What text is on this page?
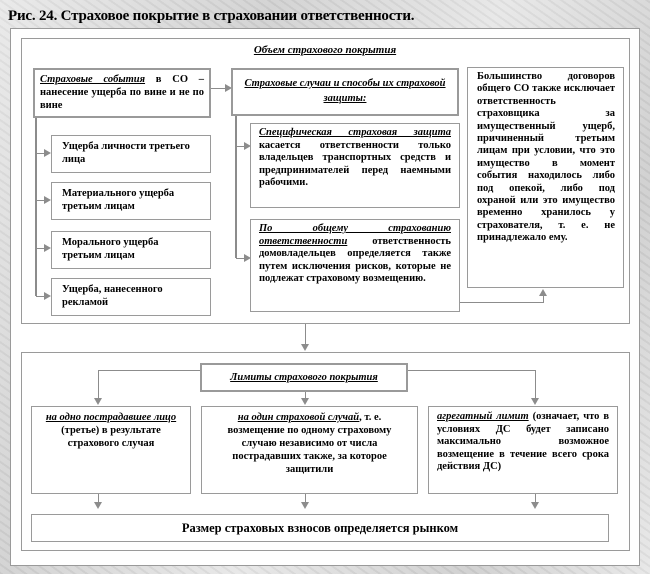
Рис. 24. Страховое покрытие в страховании ответственности.
Объем страхового покрытия
Страховые события в СО – нанесение ущерба по вине и не по вине
Ущерба личности третьего лица
Материального ущерба третьим лицам
Морального ущерба третьим лицам
Ущерба, нанесенного рекламой
Страховые случаи и способы их страховой защиты:
Специфическая страховая защита касается ответственности только владельцев транспортных средств и предпринимателей перед наемными рабочими.
По общему страхованию ответственности ответственность домовладельцев определяется также путем исключения рисков, которые не подлежат страховому возмещению.
Большинство договоров общего СО также исключает ответственность страховщика за имущественный ущерб, причиненный третьим лицам при условии, что это имущество в момент события находилось либо под опекой, либо под охраной или это имущество временно хранилось у страхователя, т. е. не принадлежало ему.
Лимиты страхового покрытия
на одно пострадавшее лицо (третье) в результате страхового случая
на один страховой случай, т. е. возмещение по одному страховому случаю независимо от числа пострадавших также, за которое защитили
агрегатный лимит (означает, что в условиях ДС будет записано максимально возможное возмещение в течение всего срока действия ДС)
Размер страховых взносов определяется рынком
